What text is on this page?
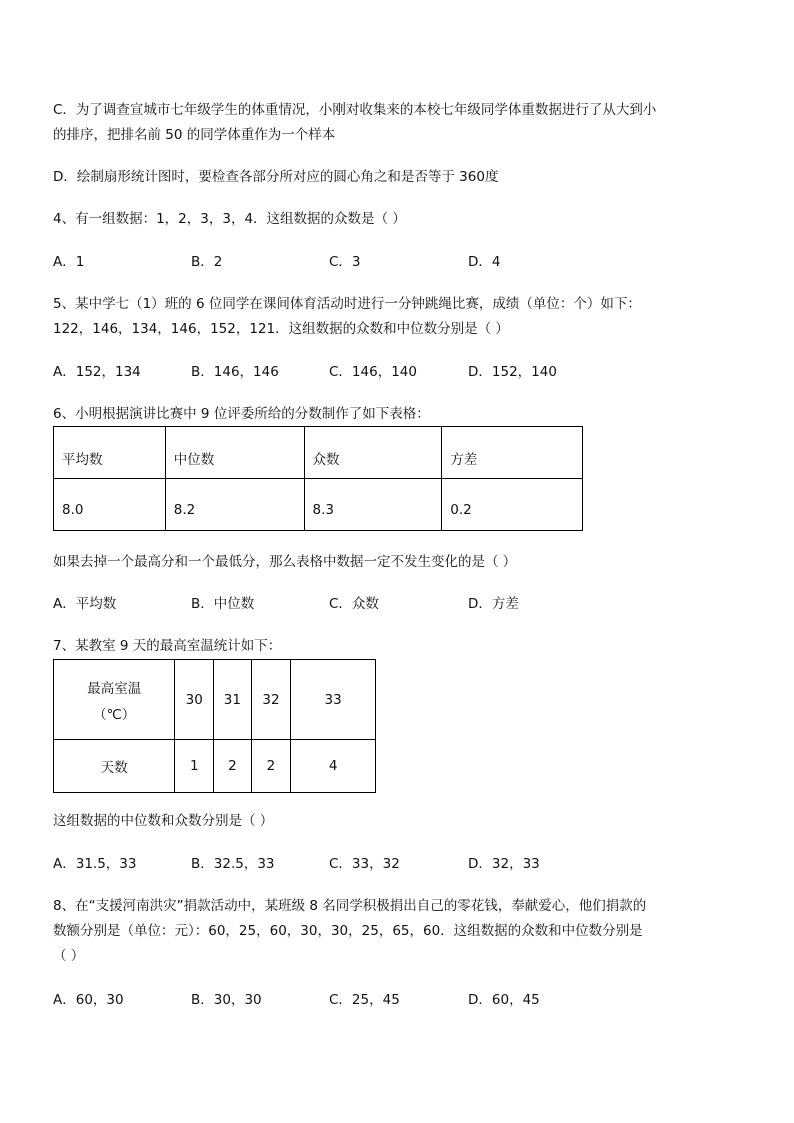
C．为了调查宣城市七年级学生的体重情况，小刚对收集来的本校七年级同学体重数据进行了从大到小
的排序，把排名前 50 的同学体重作为一个样本
D．绘制扇形统计图时，要检查各部分所对应的圆心角之和是否等于 360度
4、有一组数据：1，2，3，3，4．这组数据的众数是（ ）
A．1	B．2	C．3	D．4
5、某中学七（1）班的 6 位同学在课间体育活动时进行一分钟跳绳比赛，成绩（单位：个）如下：
122，146，134，146，152，121．这组数据的众数和中位数分别是（ ）
A．152，134	B．146，146	C．146，140	D．152，140
6、小明根据演讲比赛中 9 位评委所给的分数制作了如下表格：
平均数	中位数	众数	方差
8.0	8.2	8.3	0.2
如果去掉一个最高分和一个最低分，那么表格中数据一定不发生变化的是（ ）
A．平均数	B．中位数	C．众数	D．方差
7、某教室 9 天的最高室温统计如下：
最高室温
（℃）	30	31	32	33
天数	1	2	2	4
这组数据的中位数和众数分别是（ ）
A．31.5，33	B．32.5，33	C．33，32	D．32，33
8、在“支援河南洪灾”捐款活动中，某班级 8 名同学积极捐出自己的零花钱，奉献爱心，他们捐款的
数额分别是（单位：元）：60，25，60，30，30，25，65，60．这组数据的众数和中位数分别是
（ ）
A．60，30	B．30，30	C．25，45	D．60，45
